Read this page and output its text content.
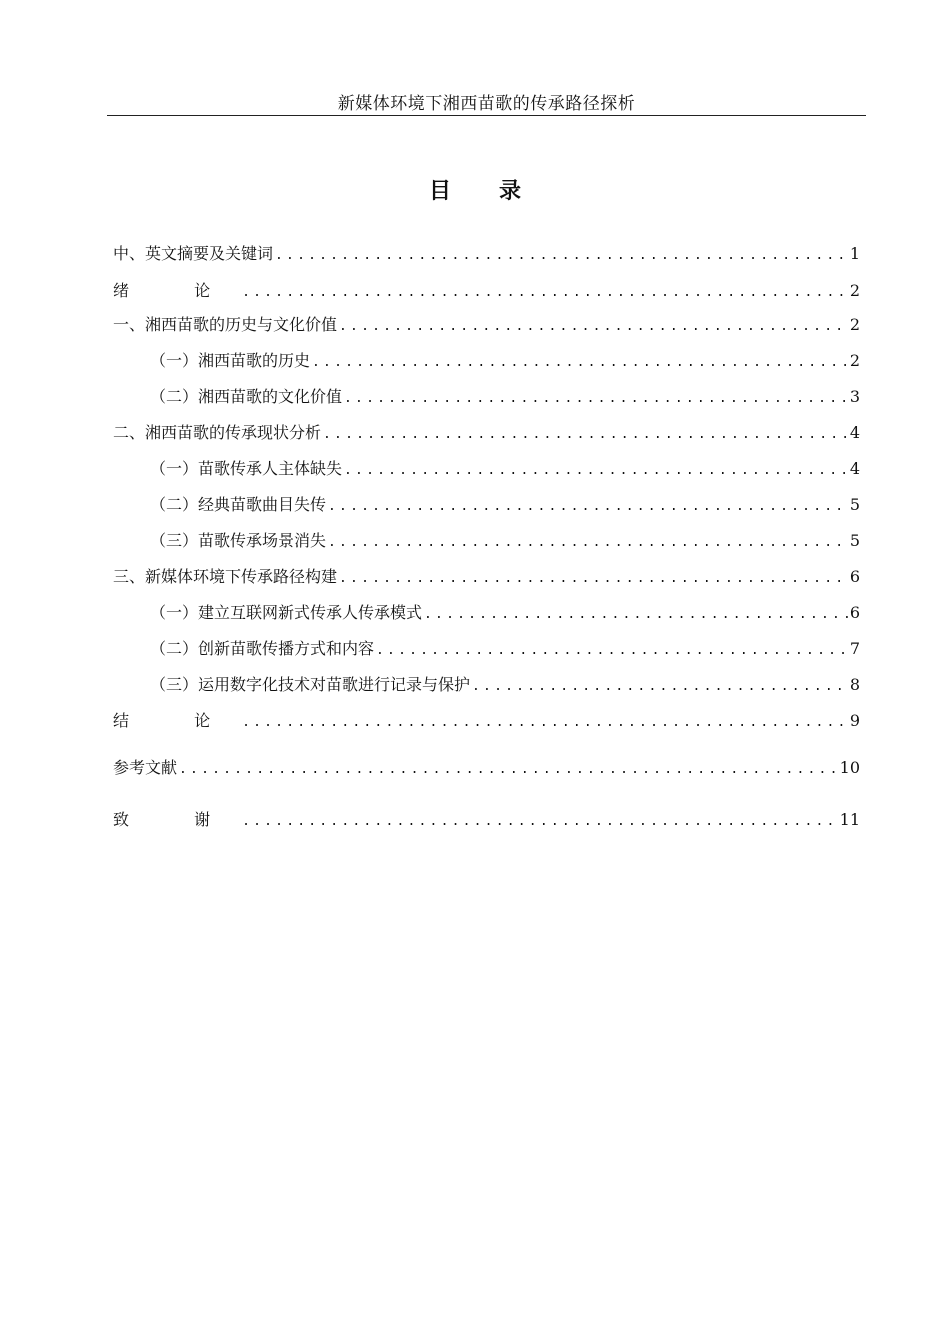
新媒体环境下湘西苗歌的传承路径探析
目 录
中、英文摘要及关键词 .....	1
绪 论 .....	2
一、湘西苗歌的历史与文化价值 .....	2
（一）湘西苗歌的历史 .....	2
（二）湘西苗歌的文化价值 .....	3
二、湘西苗歌的传承现状分析 .....	4
（一）苗歌传承人主体缺失 .....	4
（二）经典苗歌曲目失传 .....	5
（三）苗歌传承场景消失 .....	5
三、新媒体环境下传承路径构建 .....	6
（一）建立互联网新式传承人传承模式 .....	6
（二）创新苗歌传播方式和内容 .....	7
（三）运用数字化技术对苗歌进行记录与保护 .....	8
结 论 .....	9
参考文献 .....	10
致 谢 .....	11
